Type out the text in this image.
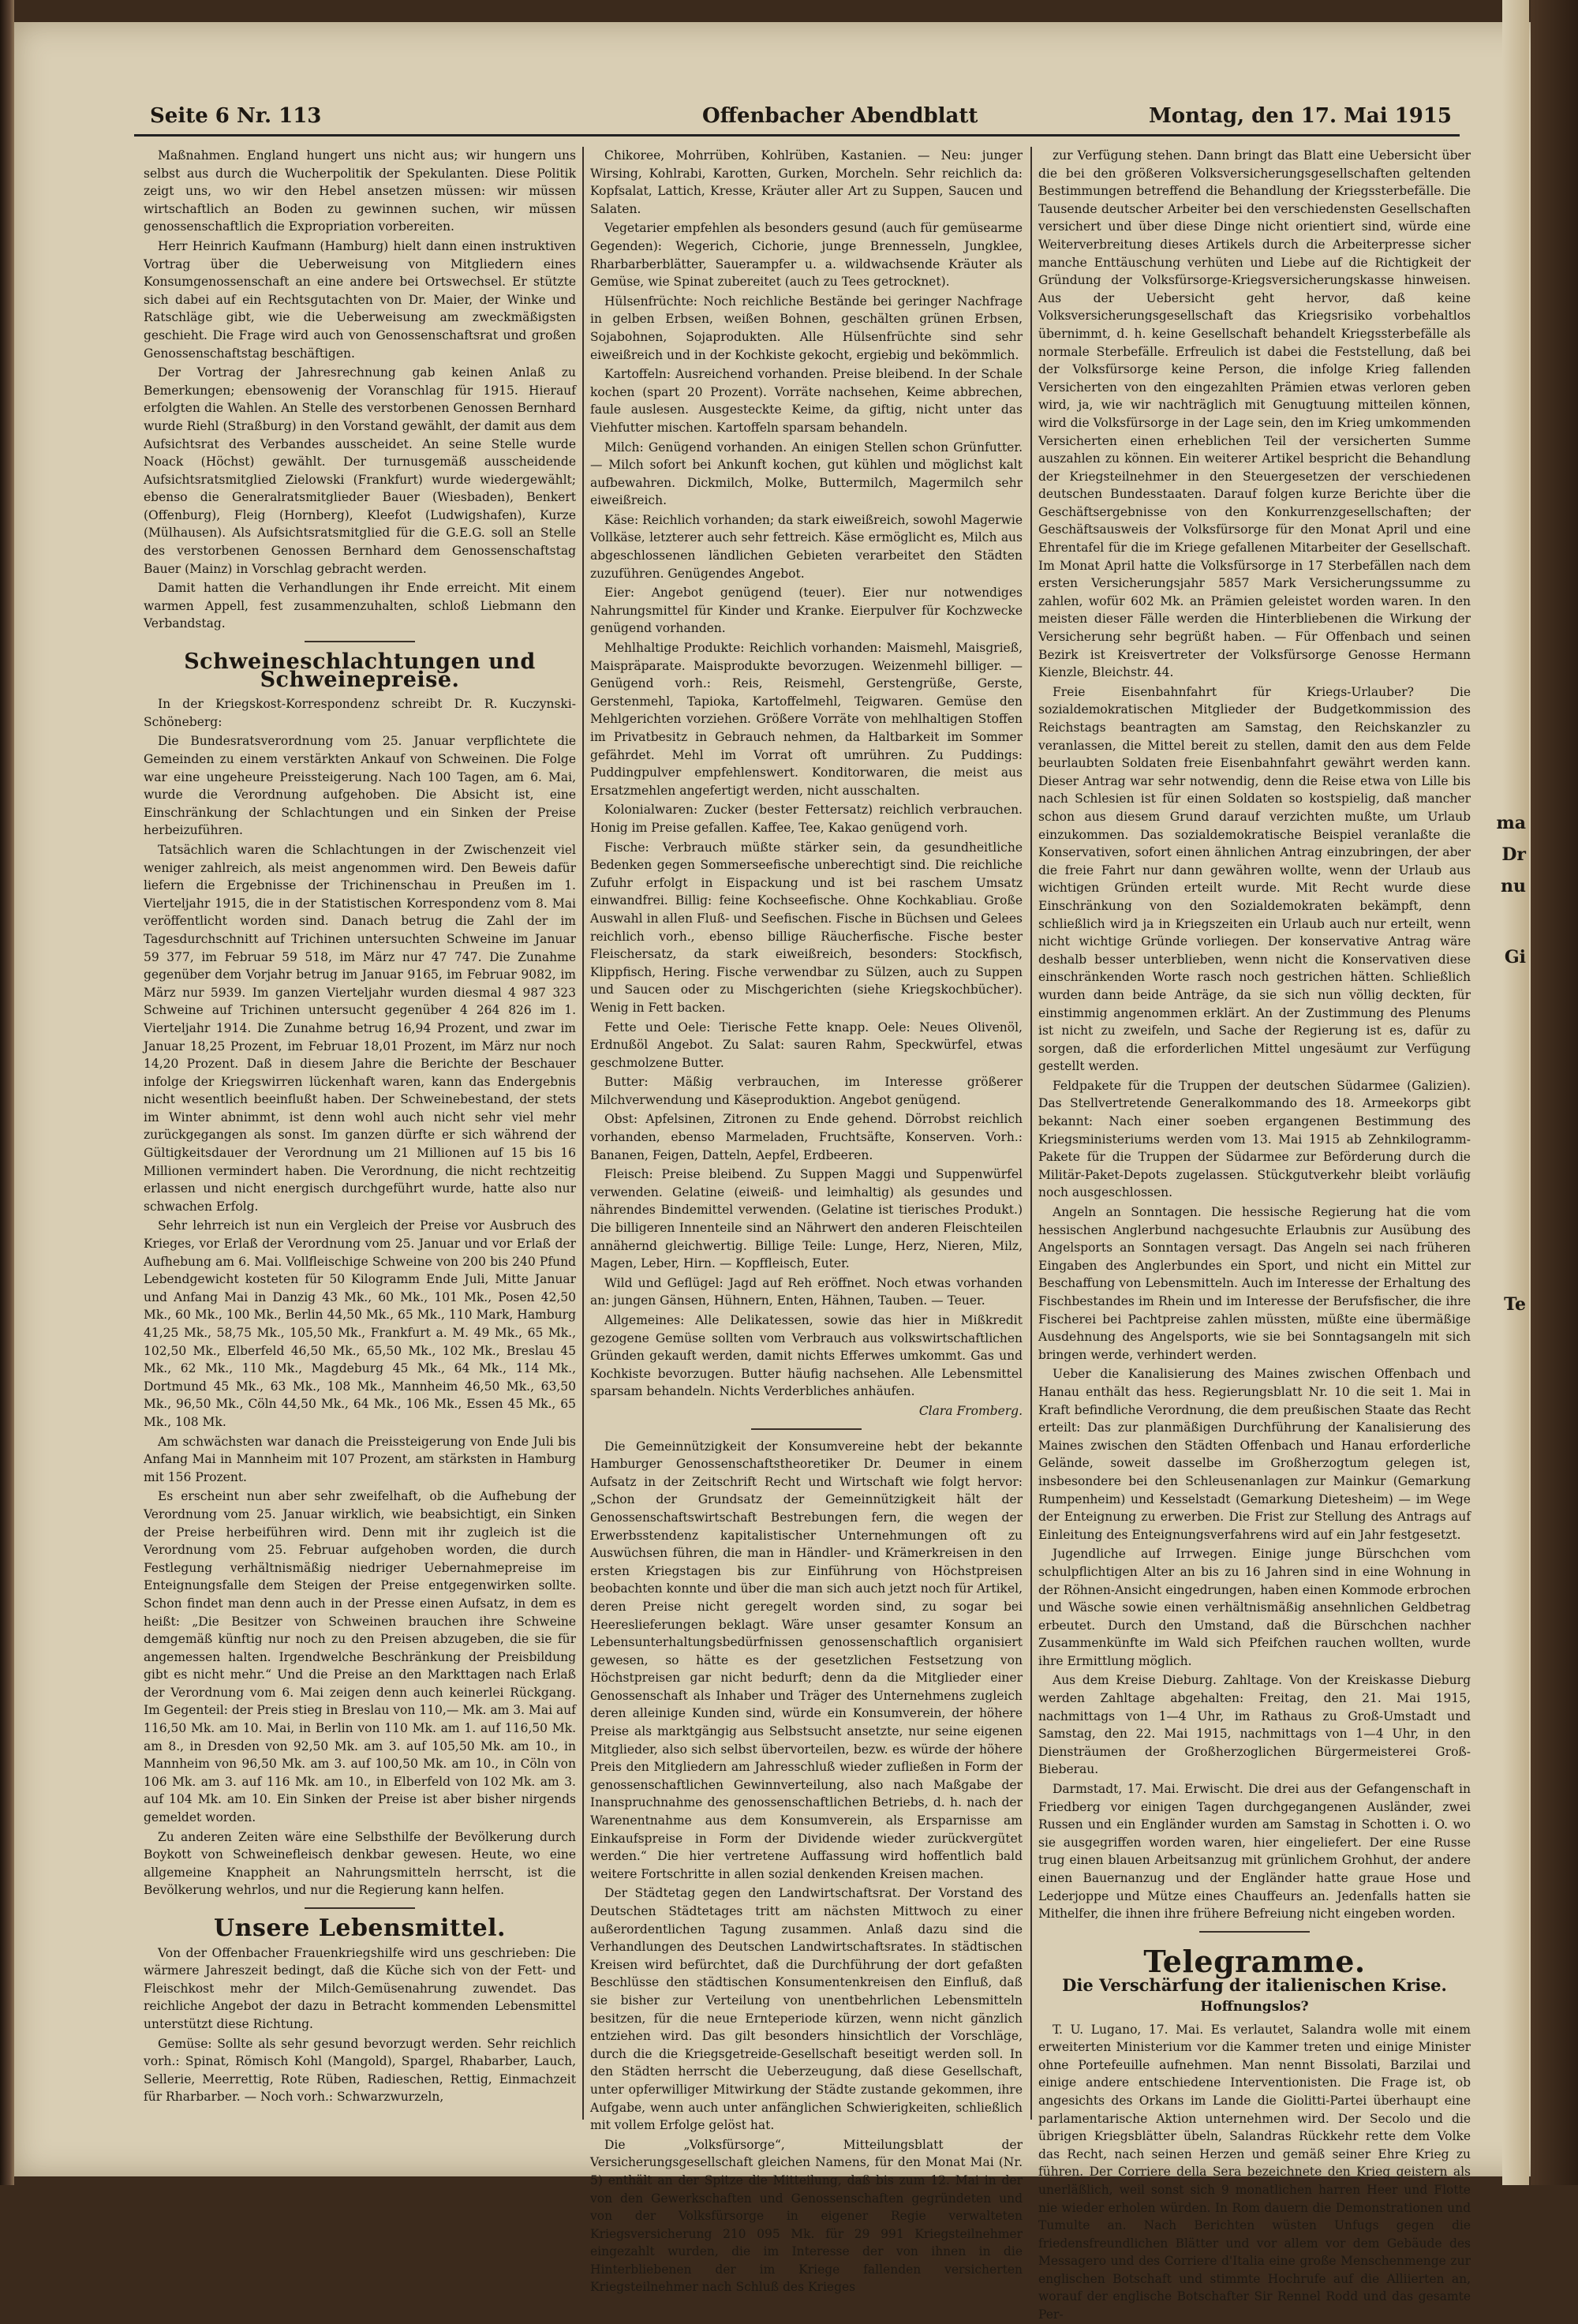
ma
Dr
nu
Gi
Te
Seite 6 Nr. 113	Offenbacher Abendblatt	Montag, den 17. Mai 1915

Maßnahmen. England hungert uns nicht aus; wir hungern uns selbst aus durch die Wucherpolitik der Spekulanten. Diese Politik zeigt uns, wo wir den Hebel ansetzen müssen: wir müssen wirtschaftlich an Boden zu gewinnen suchen, wir müssen genossenschaftlich die Expropriation vorbereiten.

Herr Heinrich Kaufmann (Hamburg) hielt dann einen instruktiven Vortrag über die Ueberweisung von Mitgliedern eines Konsumgenossenschaft an eine andere bei Ortswechsel. Er stützte sich dabei auf ein Rechtsgutachten von Dr. Maier, der Winke und Ratschläge gibt, wie die Ueberweisung am zweckmäßigsten geschieht. Die Frage wird auch von Genossenschaftsrat und großen Genossenschaftstag beschäftigen.

Der Vortrag der Jahresrechnung gab keinen Anlaß zu Bemerkungen; ebensowenig der Voranschlag für 1915. Hierauf erfolgten die Wahlen. An Stelle des verstorbenen Genossen Bernhard wurde Riehl (Straßburg) in den Vorstand gewählt, der damit aus dem Aufsichtsrat des Verbandes ausscheidet. An seine Stelle wurde Noack (Höchst) gewählt. Der turnusgemäß ausscheidende Aufsichtsratsmitglied Zielowski (Frankfurt) wurde wiedergewählt; ebenso die Generalratsmitglieder Bauer (Wiesbaden), Benkert (Offenburg), Fleig (Hornberg), Kleefot (Ludwigshafen), Kurze (Mülhausen). Als Aufsichtsratsmitglied für die G.E.G. soll an Stelle des verstorbenen Genossen Bernhard dem Genossenschaftstag Bauer (Mainz) in Vorschlag gebracht werden.

Damit hatten die Verhandlungen ihr Ende erreicht. Mit einem warmen Appell, fest zusammenzuhalten, schloß Liebmann den Verbandstag.

Schweineschlachtungen und Schweinepreise.

In der Kriegskost-Korrespondenz schreibt Dr. R. Kuczynski-Schöneberg:

Die Bundesratsverordnung vom 25. Januar verpflichtete die Gemeinden zu einem verstärkten Ankauf von Schweinen. Die Folge war eine ungeheure Preissteigerung. Nach 100 Tagen, am 6. Mai, wurde die Verordnung aufgehoben. Die Absicht ist, eine Einschränkung der Schlachtungen und ein Sinken der Preise herbeizuführen.

Tatsächlich waren die Schlachtungen in der Zwischenzeit viel weniger zahlreich, als meist angenommen wird. Den Beweis dafür liefern die Ergebnisse der Trichinenschau in Preußen im 1. Vierteljahr 1915, die in der Statistischen Korrespondenz vom 8. Mai veröffentlicht worden sind. Danach betrug die Zahl der im Tagesdurchschnitt auf Trichinen untersuchten Schweine im Januar 59 377, im Februar 59 518, im März nur 47 747. Die Zunahme gegenüber dem Vorjahr betrug im Januar 9165, im Februar 9082, im März nur 5939. Im ganzen Vierteljahr wurden diesmal 4 987 323 Schweine auf Trichinen untersucht gegenüber 4 264 826 im 1. Vierteljahr 1914. Die Zunahme betrug 16,94 Prozent, und zwar im Januar 18,25 Prozent, im Februar 18,01 Prozent, im März nur noch 14,20 Prozent. Daß in diesem Jahre die Berichte der Beschauer infolge der Kriegswirren lückenhaft waren, kann das Endergebnis nicht wesentlich beeinflußt haben. Der Schweinebestand, der stets im Winter abnimmt, ist denn wohl auch nicht sehr viel mehr zurückgegangen als sonst. Im ganzen dürfte er sich während der Gültigkeitsdauer der Verordnung um 21 Millionen auf 15 bis 16 Millionen vermindert haben. Die Verordnung, die nicht rechtzeitig erlassen und nicht energisch durchgeführt wurde, hatte also nur schwachen Erfolg.

Sehr lehrreich ist nun ein Vergleich der Preise vor Ausbruch des Krieges, vor Erlaß der Verordnung vom 25. Januar und vor Erlaß der Aufhebung am 6. Mai. Vollfleischige Schweine von 200 bis 240 Pfund Lebendgewicht kosteten für 50 Kilogramm Ende Juli, Mitte Januar und Anfang Mai in Danzig 43 Mk., 60 Mk., 101 Mk., Posen 42,50 Mk., 60 Mk., 100 Mk., Berlin 44,50 Mk., 65 Mk., 110 Mark, Hamburg 41,25 Mk., 58,75 Mk., 105,50 Mk., Frankfurt a. M. 49 Mk., 65 Mk., 102,50 Mk., Elberfeld 46,50 Mk., 65,50 Mk., 102 Mk., Breslau 45 Mk., 62 Mk., 110 Mk., Magdeburg 45 Mk., 64 Mk., 114 Mk., Dortmund 45 Mk., 63 Mk., 108 Mk., Mannheim 46,50 Mk., 63,50 Mk., 96,50 Mk., Cöln 44,50 Mk., 64 Mk., 106 Mk., Essen 45 Mk., 65 Mk., 108 Mk.

Am schwächsten war danach die Preissteigerung von Ende Juli bis Anfang Mai in Mannheim mit 107 Prozent, am stärksten in Hamburg mit 156 Prozent.

Es erscheint nun aber sehr zweifelhaft, ob die Aufhebung der Verordnung vom 25. Januar wirklich, wie beabsichtigt, ein Sinken der Preise herbeiführen wird. Denn mit ihr zugleich ist die Verordnung vom 25. Februar aufgehoben worden, die durch Festlegung verhältnismäßig niedriger Uebernahmepreise im Enteignungsfalle dem Steigen der Preise entgegenwirken sollte. Schon findet man denn auch in der Presse einen Aufsatz, in dem es heißt: „Die Besitzer von Schweinen brauchen ihre Schweine demgemäß künftig nur noch zu den Preisen abzugeben, die sie für angemessen halten. Irgendwelche Beschränkung der Preisbildung gibt es nicht mehr.“ Und die Preise an den Markttagen nach Erlaß der Verordnung vom 6. Mai zeigen denn auch keinerlei Rückgang. Im Gegenteil: der Preis stieg in Breslau von 110,— Mk. am 3. Mai auf 116,50 Mk. am 10. Mai, in Berlin von 110 Mk. am 1. auf 116,50 Mk. am 8., in Dresden von 92,50 Mk. am 3. auf 105,50 Mk. am 10., in Mannheim von 96,50 Mk. am 3. auf 100,50 Mk. am 10., in Cöln von 106 Mk. am 3. auf 116 Mk. am 10., in Elberfeld von 102 Mk. am 3. auf 104 Mk. am 10. Ein Sinken der Preise ist aber bisher nirgends gemeldet worden.

Zu anderen Zeiten wäre eine Selbsthilfe der Bevölkerung durch Boykott von Schweinefleisch denkbar gewesen. Heute, wo eine allgemeine Knappheit an Nahrungsmitteln herrscht, ist die Bevölkerung wehrlos, und nur die Regierung kann helfen.

Unsere Lebensmittel.

Von der Offenbacher Frauenkriegshilfe wird uns geschrieben: Die wärmere Jahreszeit bedingt, daß die Küche sich von der Fett- und Fleischkost mehr der Milch-Gemüsenahrung zuwendet. Das reichliche Angebot der dazu in Betracht kommenden Lebensmittel unterstützt diese Richtung.

Gemüse: Sollte als sehr gesund bevorzugt werden. Sehr reichlich vorh.: Spinat, Römisch Kohl (Mangold), Spargel, Rhabarber, Lauch, Sellerie, Meerrettig, Rote Rüben, Radieschen, Rettig, Einmachzeit für Rharbarber. — Noch vorh.: Schwarzwurzeln,

Chikoree, Mohrrüben, Kohlrüben, Kastanien. — Neu: junger Wirsing, Kohlrabi, Karotten, Gurken, Morcheln. Sehr reichlich da: Kopfsalat, Lattich, Kresse, Kräuter aller Art zu Suppen, Saucen und Salaten.

Vegetarier empfehlen als besonders gesund (auch für gemüsearme Gegenden): Wegerich, Cichorie, junge Brennesseln, Jungklee, Rharbarberblätter, Sauerampfer u. a. wildwachsende Kräuter als Gemüse, wie Spinat zubereitet (auch zu Tees getrocknet).

Hülsenfrüchte: Noch reichliche Bestände bei geringer Nachfrage in gelben Erbsen, weißen Bohnen, geschälten grünen Erbsen, Sojabohnen, Sojaprodukten. Alle Hülsenfrüchte sind sehr eiweißreich und in der Kochkiste gekocht, ergiebig und bekömmlich.

Kartoffeln: Ausreichend vorhanden. Preise bleibend. In der Schale kochen (spart 20 Prozent). Vorräte nachsehen, Keime abbrechen, faule auslesen. Ausgesteckte Keime, da giftig, nicht unter das Viehfutter mischen. Kartoffeln sparsam behandeln.

Milch: Genügend vorhanden. An einigen Stellen schon Grünfutter. — Milch sofort bei Ankunft kochen, gut kühlen und möglichst kalt aufbewahren. Dickmilch, Molke, Buttermilch, Magermilch sehr eiweißreich.

Käse: Reichlich vorhanden; da stark eiweißreich, sowohl Magerwie Vollkäse, letzterer auch sehr fettreich. Käse ermöglicht es, Milch aus abgeschlossenen ländlichen Gebieten verarbeitet den Städten zuzuführen. Genügendes Angebot.

Eier: Angebot genügend (teuer). Eier nur notwendiges Nahrungsmittel für Kinder und Kranke. Eierpulver für Kochzwecke genügend vorhanden.

Mehlhaltige Produkte: Reichlich vorhanden: Maismehl, Maisgrieß, Maispräparate. Maisprodukte bevorzugen. Weizenmehl billiger. — Genügend vorh.: Reis, Reismehl, Gerstengrüße, Gerste, Gerstenmehl, Tapioka, Kartoffelmehl, Teigwaren. Gemüse den Mehlgerichten vorziehen. Größere Vorräte von mehlhaltigen Stoffen im Privatbesitz in Gebrauch nehmen, da Haltbarkeit im Sommer gefährdet. Mehl im Vorrat oft umrühren. Zu Puddings: Puddingpulver empfehlenswert. Konditorwaren, die meist aus Ersatzmehlen angefertigt werden, nicht ausschalten.

Kolonialwaren: Zucker (bester Fettersatz) reichlich verbrauchen. Honig im Preise gefallen. Kaffee, Tee, Kakao genügend vorh.

Fische: Verbrauch müßte stärker sein, da gesundheitliche Bedenken gegen Sommerseefische unberechtigt sind. Die reichliche Zufuhr erfolgt in Eispackung und ist bei raschem Umsatz einwandfrei. Billig: feine Kochseefische. Ohne Kochkabliau. Große Auswahl in allen Fluß- und Seefischen. Fische in Büchsen und Gelees reichlich vorh., ebenso billige Räucherfische. Fische bester Fleischersatz, da stark eiweißreich, besonders: Stockfisch, Klippfisch, Hering. Fische verwendbar zu Sülzen, auch zu Suppen und Saucen oder zu Mischgerichten (siehe Kriegskochbücher). Wenig in Fett backen.

Fette und Oele: Tierische Fette knapp. Oele: Neues Olivenöl, Erdnußöl Angebot. Zu Salat: sauren Rahm, Speckwürfel, etwas geschmolzene Butter.

Butter: Mäßig verbrauchen, im Interesse größerer Milchverwendung und Käseproduktion. Angebot genügend.

Obst: Apfelsinen, Zitronen zu Ende gehend. Dörrobst reichlich vorhanden, ebenso Marmeladen, Fruchtsäfte, Konserven. Vorh.: Bananen, Feigen, Datteln, Aepfel, Erdbeeren.

Fleisch: Preise bleibend. Zu Suppen Maggi und Suppenwürfel verwenden. Gelatine (eiweiß- und leimhaltig) als gesundes und nährendes Bindemittel verwenden. (Gelatine ist tierisches Produkt.) Die billigeren Innenteile sind an Nährwert den anderen Fleischteilen annähernd gleichwertig. Billige Teile: Lunge, Herz, Nieren, Milz, Magen, Leber, Hirn. — Kopffleisch, Euter.

Wild und Geflügel: Jagd auf Reh eröffnet. Noch etwas vorhanden an: jungen Gänsen, Hühnern, Enten, Hähnen, Tauben. — Teuer.

Allgemeines: Alle Delikatessen, sowie das hier in Mißkredit gezogene Gemüse sollten vom Verbrauch aus volkswirtschaftlichen Gründen gekauft werden, damit nichts Efferwes umkommt. Gas und Kochkiste bevorzugen. Butter häufig nachsehen. Alle Lebensmittel sparsam behandeln. Nichts Verderbliches anhäufen.

Clara Fromberg.

Die Gemeinnützigkeit der Konsumvereine hebt der bekannte Hamburger Genossenschaftstheoretiker Dr. Deumer in einem Aufsatz in der Zeitschrift Recht und Wirtschaft wie folgt hervor: „Schon der Grundsatz der Gemeinnützigkeit hält der Genossenschaftswirtschaft Bestrebungen fern, die wegen der Erwerbsstendenz kapitalistischer Unternehmungen oft zu Auswüchsen führen, die man in Händler- und Krämerkreisen in den ersten Kriegstagen bis zur Einführung von Höchstpreisen beobachten konnte und über die man sich auch jetzt noch für Artikel, deren Preise nicht geregelt worden sind, zu sogar bei Heereslieferungen beklagt. Wäre unser gesamter Konsum an Lebensunterhaltungsbedürfnissen genossenschaftlich organisiert gewesen, so hätte es der gesetzlichen Festsetzung von Höchstpreisen gar nicht bedurft; denn da die Mitglieder einer Genossenschaft als Inhaber und Träger des Unternehmens zugleich deren alleinige Kunden sind, würde ein Konsumverein, der höhere Preise als marktgängig aus Selbstsucht ansetzte, nur seine eigenen Mitglieder, also sich selbst übervorteilen, bezw. es würde der höhere Preis den Mitgliedern am Jahresschluß wieder zufließen in Form der genossenschaftlichen Gewinnverteilung, also nach Maßgabe der Inanspruchnahme des genossenschaftlichen Betriebs, d. h. nach der Warenentnahme aus dem Konsumverein, als Ersparnisse am Einkaufspreise in Form der Dividende wieder zurückvergütet werden.“ Die hier vertretene Auffassung wird hoffentlich bald weitere Fortschritte in allen sozial denkenden Kreisen machen.

Der Städtetag gegen den Landwirtschaftsrat. Der Vorstand des Deutschen Städtetages tritt am nächsten Mittwoch zu einer außerordentlichen Tagung zusammen. Anlaß dazu sind die Verhandlungen des Deutschen Landwirtschaftsrates. In städtischen Kreisen wird befürchtet, daß die Durchführung der dort gefaßten Beschlüsse den städtischen Konsumentenkreisen den Einfluß, daß sie bisher zur Verteilung von unentbehrlichen Lebensmitteln besitzen, für die neue Ernteperiode kürzen, wenn nicht gänzlich entziehen wird. Das gilt besonders hinsichtlich der Vorschläge, durch die die Kriegsgetreide-Gesellschaft beseitigt werden soll. In den Städten herrscht die Ueberzeugung, daß diese Gesellschaft, unter opferwilliger Mitwirkung der Städte zustande gekommen, ihre Aufgabe, wenn auch unter anfänglichen Schwierigkeiten, schließlich mit vollem Erfolge gelöst hat.

Die „Volksfürsorge“, Mitteilungsblatt der Versicherungsgesellschaft gleichen Namens, für den Monat Mai (Nr. 5) enthält an der Spitze die Mitteilung, daß bis zum 12. Mai in der von den Gewerkschaften und Genossenschaften gegründeten und von der Volksfürsorge in eigener Regie verwalteten Kriegsversicherung 210 095 Mk. für 29 991 Kriegsteilnehmer eingezahlt wurden, die im Interesse der von ihnen in die Hinterbliebenen der im Kriege fallenden versicherten Kriegsteilnehmer nach Schluß des Krieges

zur Verfügung stehen. Dann bringt das Blatt eine Uebersicht über die bei den größeren Volksversicherungsgesellschaften geltenden Bestimmungen betreffend die Behandlung der Kriegssterbefälle. Die Tausende deutscher Arbeiter bei den verschiedensten Gesellschaften versichert und über diese Dinge nicht orientiert sind, würde eine Weiterverbreitung dieses Artikels durch die Arbeiterpresse sicher manche Enttäuschung verhüten und Liebe auf die Richtigkeit der Gründung der Volksfürsorge-Kriegsversicherungskasse hinweisen. Aus der Uebersicht geht hervor, daß keine Volksversicherungsgesellschaft das Kriegsrisiko vorbehaltlos übernimmt, d. h. keine Gesellschaft behandelt Kriegssterbefälle als normale Sterbefälle. Erfreulich ist dabei die Feststellung, daß bei der Volksfürsorge keine Person, die infolge Krieg fallenden Versicherten von den eingezahlten Prämien etwas verloren geben wird, ja, wie wir nachträglich mit Genugtuung mitteilen können, wird die Volksfürsorge in der Lage sein, den im Krieg umkommenden Versicherten einen erheblichen Teil der versicherten Summe auszahlen zu können. Ein weiterer Artikel bespricht die Behandlung der Kriegsteilnehmer in den Steuergesetzen der verschiedenen deutschen Bundesstaaten. Darauf folgen kurze Berichte über die Geschäftsergebnisse von den Konkurrenzgesellschaften; der Geschäftsausweis der Volksfürsorge für den Monat April und eine Ehrentafel für die im Kriege gefallenen Mitarbeiter der Gesellschaft. Im Monat April hatte die Volksfürsorge in 17 Sterbefällen nach dem ersten Versicherungsjahr 5857 Mark Versicherungssumme zu zahlen, wofür 602 Mk. an Prämien geleistet worden waren. In den meisten dieser Fälle werden die Hinterbliebenen die Wirkung der Versicherung sehr begrüßt haben. — Für Offenbach und seinen Bezirk ist Kreisvertreter der Volksfürsorge Genosse Hermann Kienzle, Bleichstr. 44.

Freie Eisenbahnfahrt für Kriegs-Urlauber? Die sozialdemokratischen Mitglieder der Budgetkommission des Reichstags beantragten am Samstag, den Reichskanzler zu veranlassen, die Mittel bereit zu stellen, damit den aus dem Felde beurlaubten Soldaten freie Eisenbahnfahrt gewährt werden kann. Dieser Antrag war sehr notwendig, denn die Reise etwa von Lille bis nach Schlesien ist für einen Soldaten so kostspielig, daß mancher schon aus diesem Grund darauf verzichten mußte, um Urlaub einzukommen. Das sozialdemokratische Beispiel veranlaßte die Konservativen, sofort einen ähnlichen Antrag einzubringen, der aber die freie Fahrt nur dann gewähren wollte, wenn der Urlaub aus wichtigen Gründen erteilt wurde. Mit Recht wurde diese Einschränkung von den Sozialdemokraten bekämpft, denn schließlich wird ja in Kriegszeiten ein Urlaub auch nur erteilt, wenn nicht wichtige Gründe vorliegen. Der konservative Antrag wäre deshalb besser unterblieben, wenn nicht die Konservativen diese einschränkenden Worte rasch noch gestrichen hätten. Schließlich wurden dann beide Anträge, da sie sich nun völlig deckten, für einstimmig angenommen erklärt. An der Zustimmung des Plenums ist nicht zu zweifeln, und Sache der Regierung ist es, dafür zu sorgen, daß die erforderlichen Mittel ungesäumt zur Verfügung gestellt werden.

Feldpakete für die Truppen der deutschen Südarmee (Galizien). Das Stellvertretende Generalkommando des 18. Armeekorps gibt bekannt: Nach einer soeben ergangenen Bestimmung des Kriegsministeriums werden vom 13. Mai 1915 ab Zehnkilogramm-Pakete für die Truppen der Südarmee zur Beförderung durch die Militär-Paket-Depots zugelassen. Stückgutverkehr bleibt vorläufig noch ausgeschlossen.

Angeln an Sonntagen. Die hessische Regierung hat die vom hessischen Anglerbund nachgesuchte Erlaubnis zur Ausübung des Angelsports an Sonntagen versagt. Das Angeln sei nach früheren Eingaben des Anglerbundes ein Sport, und nicht ein Mittel zur Beschaffung von Lebensmitteln. Auch im Interesse der Erhaltung des Fischbestandes im Rhein und im Interesse der Berufsfischer, die ihre Fischerei bei Pachtpreise zahlen müssten, müßte eine übermäßige Ausdehnung des Angelsports, wie sie bei Sonntagsangeln mit sich bringen werde, verhindert werden.

Ueber die Kanalisierung des Maines zwischen Offenbach und Hanau enthält das hess. Regierungsblatt Nr. 10 die seit 1. Mai in Kraft befindliche Verordnung, die dem preußischen Staate das Recht erteilt: Das zur planmäßigen Durchführung der Kanalisierung des Maines zwischen den Städten Offenbach und Hanau erforderliche Gelände, soweit dasselbe im Großherzogtum gelegen ist, insbesondere bei den Schleusenanlagen zur Mainkur (Gemarkung Rumpenheim) und Kesselstadt (Gemarkung Dietesheim) — im Wege der Enteignung zu erwerben. Die Frist zur Stellung des Antrags auf Einleitung des Enteignungsverfahrens wird auf ein Jahr festgesetzt.

Jugendliche auf Irrwegen. Einige junge Bürschchen vom schulpflichtigen Alter an bis zu 16 Jahren sind in eine Wohnung in der Röhnen-Ansicht eingedrungen, haben einen Kommode erbrochen und Wäsche sowie einen verhältnismäßig ansehnlichen Geldbetrag erbeutet. Durch den Umstand, daß die Bürschchen nachher Zusammenkünfte im Wald sich Pfeifchen rauchen wollten, wurde ihre Ermittlung möglich.

Aus dem Kreise Dieburg. Zahltage. Von der Kreiskasse Dieburg werden Zahltage abgehalten: Freitag, den 21. Mai 1915, nachmittags von 1—4 Uhr, im Rathaus zu Groß-Umstadt und Samstag, den 22. Mai 1915, nachmittags von 1—4 Uhr, in den Diensträumen der Großherzoglichen Bürgermeisterei Groß-Bieberau.

Darmstadt, 17. Mai. Erwischt. Die drei aus der Gefangenschaft in Friedberg vor einigen Tagen durchgegangenen Ausländer, zwei Russen und ein Engländer wurden am Samstag in Schotten i. O. wo sie ausgegriffen worden waren, hier eingeliefert. Der eine Russe trug einen blauen Arbeitsanzug mit grünlichem Grohhut, der andere einen Bauernanzug und der Engländer hatte graue Hose und Lederjoppe und Mütze eines Chauffeurs an. Jedenfalls hatten sie Mithelfer, die ihnen ihre frühere Befreiung nicht eingeben worden.

Telegramme.
Die Verschärfung der italienischen Krise.
Hoffnungslos?

T. U. Lugano, 17. Mai. Es verlautet, Salandra wolle mit einem erweiterten Ministerium vor die Kammer treten und einige Minister ohne Portefeuille aufnehmen. Man nennt Bissolati, Barzilai und einige andere entschiedene Interventionisten. Die Frage ist, ob angesichts des Orkans im Lande die Giolitti-Partei überhaupt eine parlamentarische Aktion unternehmen wird. Der Secolo und die übrigen Kriegsblätter übeln, Salandras Rückkehr rette dem Volke das Recht, nach seinen Herzen und gemäß seiner Ehre Krieg zu führen. Der Corriere della Sera bezeichnete den Krieg geistern als unerläßlich, weil sonst sich 9 monatlichen harren Heer und Flotte nie wieder erholen würden. In Rom dauern die Demonstrationen und Tumulte an. Nach Berichten wüsten Unfugs gegen die friedensfreundlichen Blätter und vor allem vor dem Gebäude des Messagero und des Corriere d'Italia eine große Menschenmenge zur englischen Botschaft und stimmte Hochrufe auf die Alliierten an, worauf der englische Botschafter Sir Rennel Rodd und das gesamte Per-
